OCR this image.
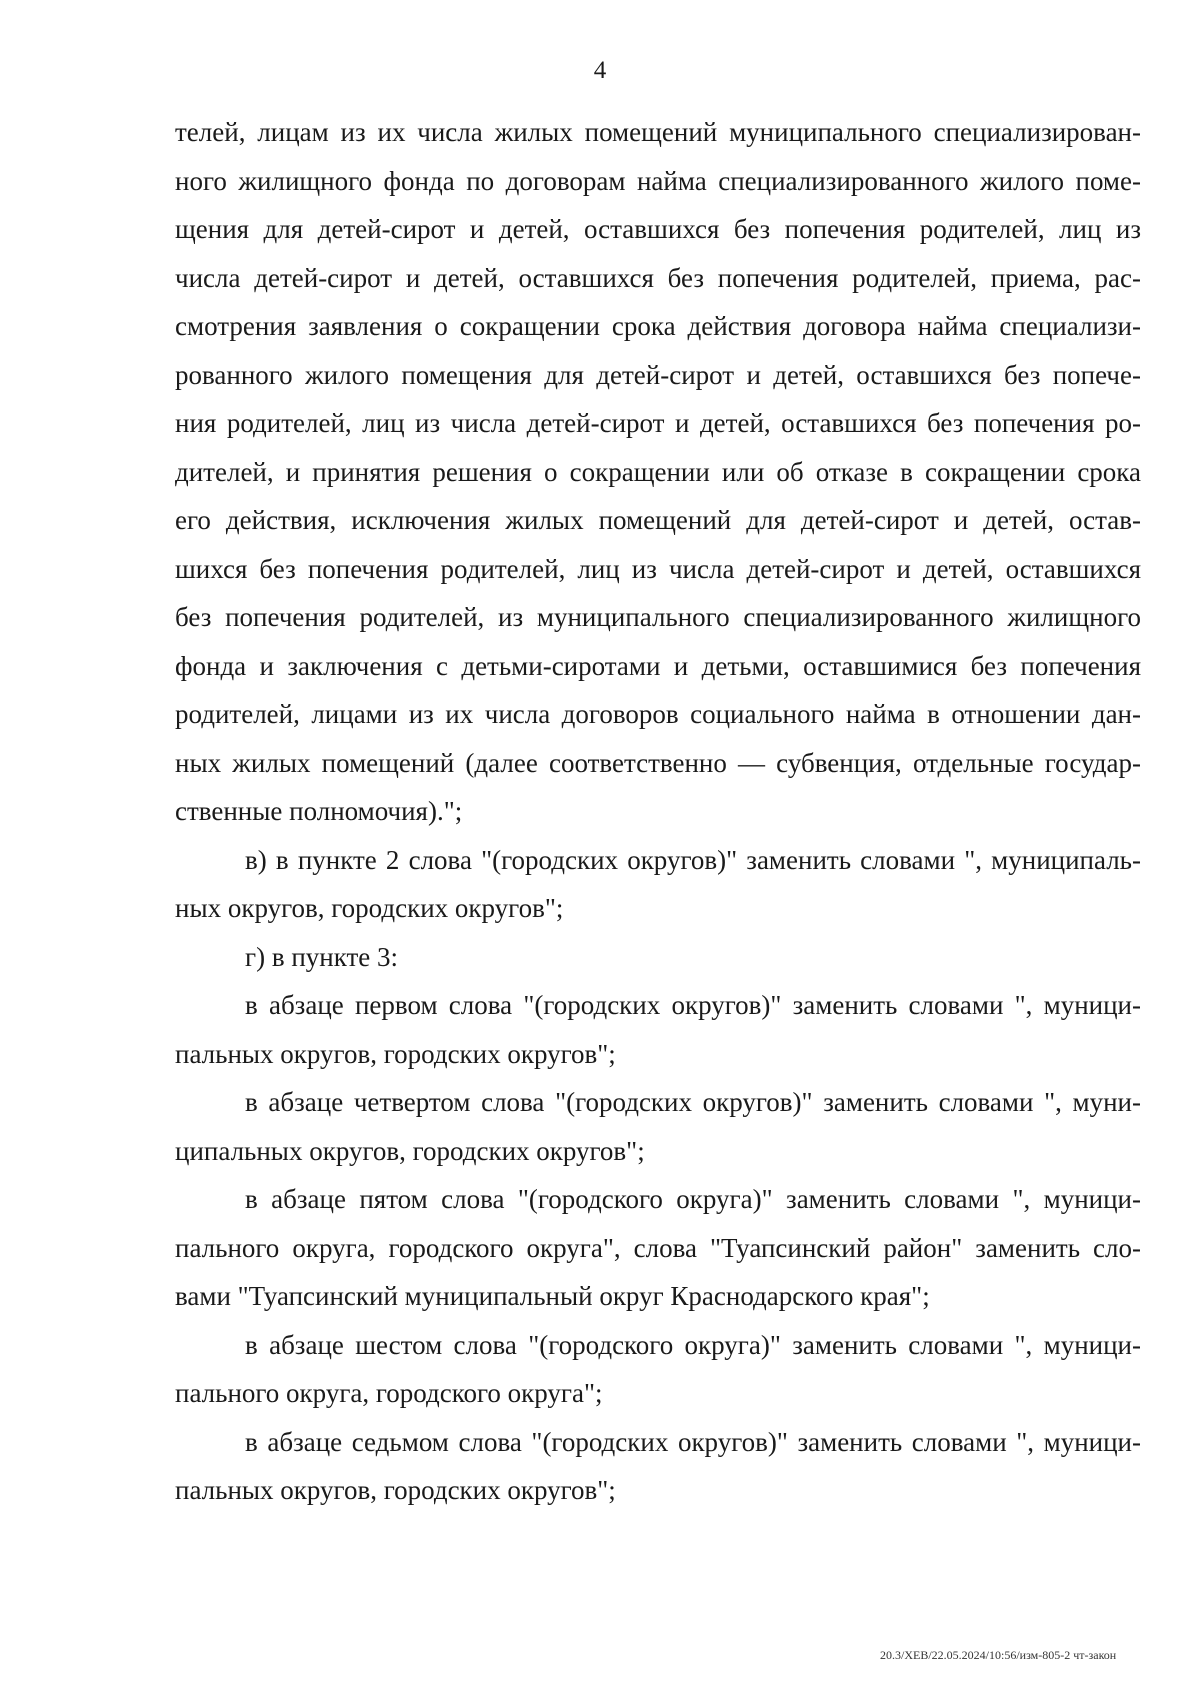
4
телей, лицам из их числа жилых помещений муниципального специализирован-
ного жилищного фонда по договорам найма специализированного жилого поме-
щения для детей-сирот и детей, оставшихся без попечения родителей, лиц из
числа детей-сирот и детей, оставшихся без попечения родителей, приема, рас-
смотрения заявления о сокращении срока действия договора найма специализи-
рованного жилого помещения для детей-сирот и детей, оставшихся без попече-
ния родителей, лиц из числа детей-сирот и детей, оставшихся без попечения ро-
дителей, и принятия решения о сокращении или об отказе в сокращении срока
его действия, исключения жилых помещений для детей-сирот и детей, остав-
шихся без попечения родителей, лиц из числа детей-сирот и детей, оставшихся
без попечения родителей, из муниципального специализированного жилищного
фонда и заключения с детьми-сиротами и детьми, оставшимися без попечения
родителей, лицами из их числа договоров социального найма в отношении дан-
ных жилых помещений (далее соответственно — субвенция, отдельные государ-
ственные полномочия).";
в) в пункте 2 слова "(городских округов)" заменить словами ", муниципаль-
ных округов, городских округов";
г) в пункте 3:
в абзаце первом слова "(городских округов)" заменить словами ", муници-
пальных округов, городских округов";
в абзаце четвертом слова "(городских округов)" заменить словами ", муни-
ципальных округов, городских округов";
в абзаце пятом слова "(городского округа)" заменить словами ", муници-
пального округа, городского округа", слова "Туапсинский район" заменить сло-
вами "Туапсинский муниципальный округ Краснодарского края";
в абзаце шестом слова "(городского округа)" заменить словами ", муници-
пального округа, городского округа";
в абзаце седьмом слова "(городских округов)" заменить словами ", муници-
пальных округов, городских округов";
20.3/ХЕВ/22.05.2024/10:56/изм-805-2 чт-закон
